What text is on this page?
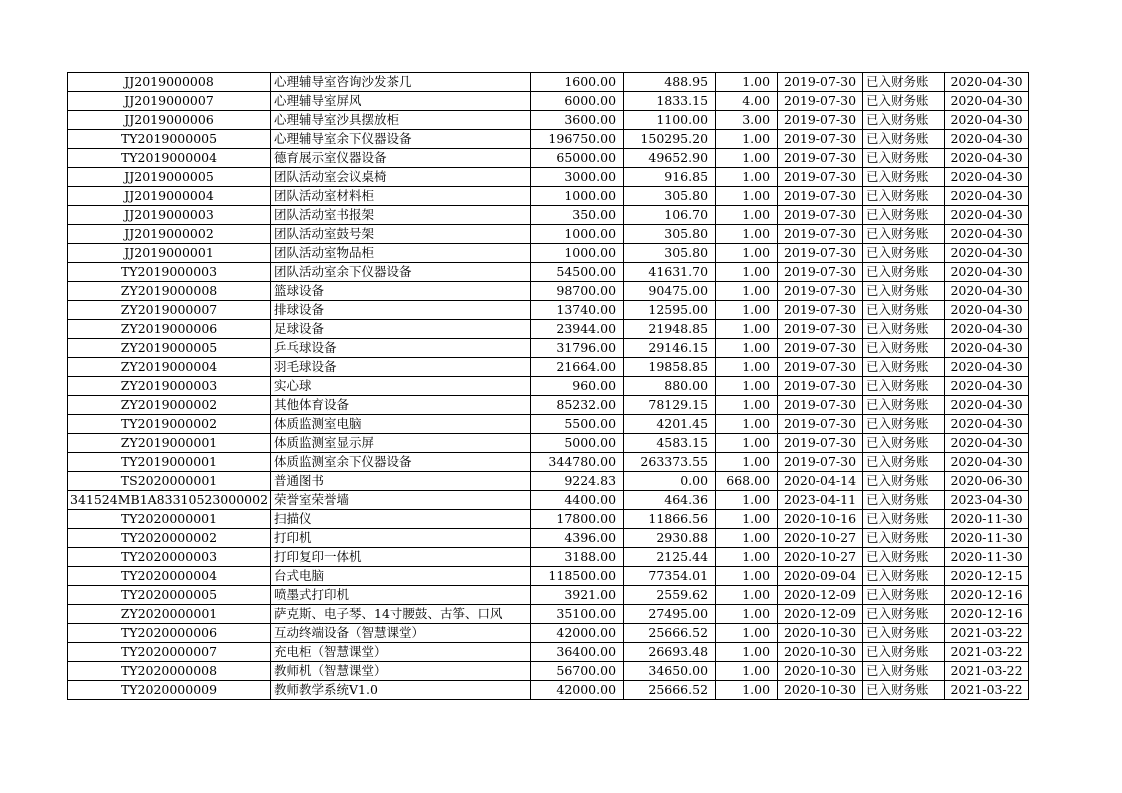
JJ2019000008	心理辅导室咨询沙发茶几	1600.00	488.95	1.00	2019-07-30	已入财务账	2020-04-30
JJ2019000007	心理辅导室屏风	6000.00	1833.15	4.00	2019-07-30	已入财务账	2020-04-30
JJ2019000006	心理辅导室沙具摆放柜	3600.00	1100.00	3.00	2019-07-30	已入财务账	2020-04-30
TY2019000005	心理辅导室余下仪器设备	196750.00	150295.20	1.00	2019-07-30	已入财务账	2020-04-30
TY2019000004	德育展示室仪器设备	65000.00	49652.90	1.00	2019-07-30	已入财务账	2020-04-30
JJ2019000005	团队活动室会议桌椅	3000.00	916.85	1.00	2019-07-30	已入财务账	2020-04-30
JJ2019000004	团队活动室材料柜	1000.00	305.80	1.00	2019-07-30	已入财务账	2020-04-30
JJ2019000003	团队活动室书报架	350.00	106.70	1.00	2019-07-30	已入财务账	2020-04-30
JJ2019000002	团队活动室鼓号架	1000.00	305.80	1.00	2019-07-30	已入财务账	2020-04-30
JJ2019000001	团队活动室物品柜	1000.00	305.80	1.00	2019-07-30	已入财务账	2020-04-30
TY2019000003	团队活动室余下仪器设备	54500.00	41631.70	1.00	2019-07-30	已入财务账	2020-04-30
ZY2019000008	篮球设备	98700.00	90475.00	1.00	2019-07-30	已入财务账	2020-04-30
ZY2019000007	排球设备	13740.00	12595.00	1.00	2019-07-30	已入财务账	2020-04-30
ZY2019000006	足球设备	23944.00	21948.85	1.00	2019-07-30	已入财务账	2020-04-30
ZY2019000005	乒乓球设备	31796.00	29146.15	1.00	2019-07-30	已入财务账	2020-04-30
ZY2019000004	羽毛球设备	21664.00	19858.85	1.00	2019-07-30	已入财务账	2020-04-30
ZY2019000003	实心球	960.00	880.00	1.00	2019-07-30	已入财务账	2020-04-30
ZY2019000002	其他体育设备	85232.00	78129.15	1.00	2019-07-30	已入财务账	2020-04-30
TY2019000002	体质监测室电脑	5500.00	4201.45	1.00	2019-07-30	已入财务账	2020-04-30
ZY2019000001	体质监测室显示屏	5000.00	4583.15	1.00	2019-07-30	已入财务账	2020-04-30
TY2019000001	体质监测室余下仪器设备	344780.00	263373.55	1.00	2019-07-30	已入财务账	2020-04-30
TS2020000001	普通图书	9224.83	0.00	668.00	2020-04-14	已入财务账	2020-06-30
341524MB1A83310523000002	荣誉室荣誉墙	4400.00	464.36	1.00	2023-04-11	已入财务账	2023-04-30
TY2020000001	扫描仪	17800.00	11866.56	1.00	2020-10-16	已入财务账	2020-11-30
TY2020000002	打印机	4396.00	2930.88	1.00	2020-10-27	已入财务账	2020-11-30
TY2020000003	打印复印一体机	3188.00	2125.44	1.00	2020-10-27	已入财务账	2020-11-30
TY2020000004	台式电脑	118500.00	77354.01	1.00	2020-09-04	已入财务账	2020-12-15
TY2020000005	喷墨式打印机	3921.00	2559.62	1.00	2020-12-09	已入财务账	2020-12-16
ZY2020000001	萨克斯、电子琴、14寸腰鼓、古筝、口风	35100.00	27495.00	1.00	2020-12-09	已入财务账	2020-12-16
TY2020000006	互动终端设备（智慧课堂）	42000.00	25666.52	1.00	2020-10-30	已入财务账	2021-03-22
TY2020000007	充电柜（智慧课堂）	36400.00	26693.48	1.00	2020-10-30	已入财务账	2021-03-22
TY2020000008	教师机（智慧课堂）	56700.00	34650.00	1.00	2020-10-30	已入财务账	2021-03-22
TY2020000009	教师教学系统V1.0	42000.00	25666.52	1.00	2020-10-30	已入财务账	2021-03-22
